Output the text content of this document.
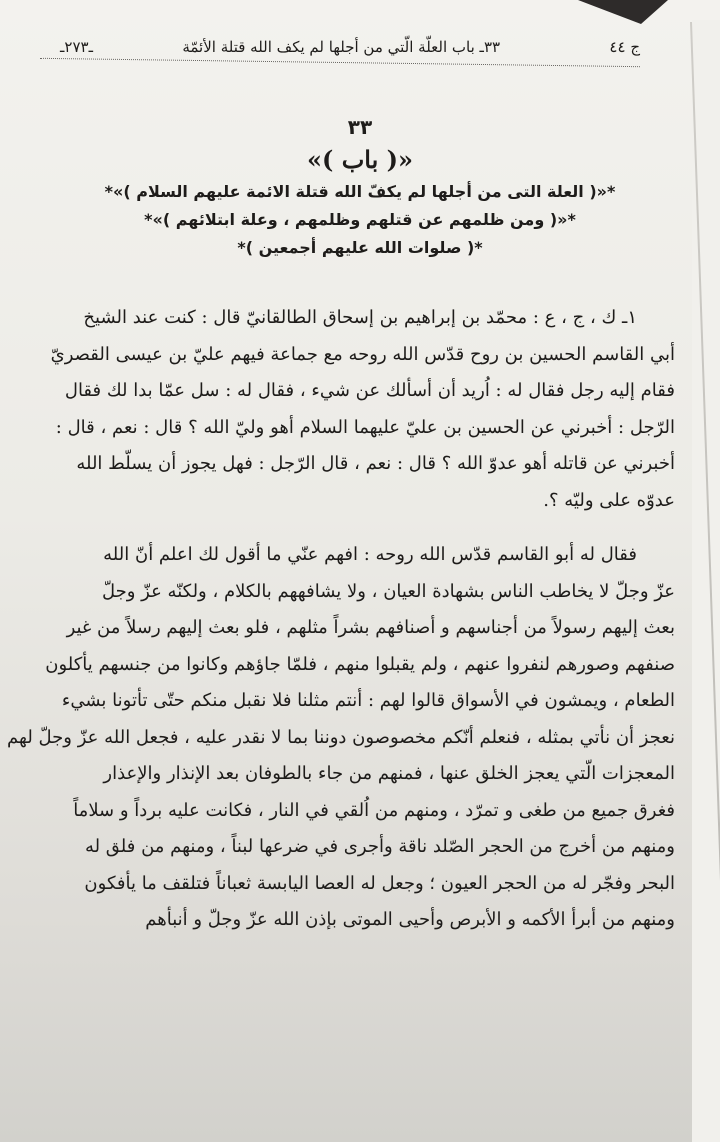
ج ٤٤
٣٣ـ باب العلّة الّتي من أجلها لم يكف الله قتلة الأئمّة
ـ٢٧٣ـ
٣٣
«( باب )»
*«( العلة التى من أجلها لم يكفّ الله قتلة الائمة عليهم السلام )»*
*«( ومن ظلمهم عن قتلهم وظلمهم ، وعلة ابتلائهم )»*
*( صلوات الله عليهم أجمعين )*

١ـ ك ، ج ، ع : محمّد بن إبراهيم بن إسحاق الطالقانيّ قال : كنت عند الشيخ
أبي القاسم الحسين بن روح قدّس الله روحه مع جماعة فيهم عليّ بن عيسى القصريّ
فقام إليه رجل فقال له : اُريد أن أسألك عن شيء ، فقال له : سل عمّا بدا لك فقال
الرّجل : أخبرني عن الحسين بن عليّ عليهما السلام أهو وليّ الله ؟ قال : نعم ، قال :
أخبرني عن قاتله أهو عدوّ الله ؟ قال : نعم ، قال الرّجل : فهل يجوز أن يسلّط الله
عدوّه على وليّه ؟.

فقال له أبو القاسم قدّس الله روحه : افهم عنّي ما أقول لك اعلم أنّ الله
عزّ وجلّ لا يخاطب الناس بشهادة العيان ، ولا يشافههم بالكلام ، ولكنّه عزّ وجلّ
بعث إليهم رسولاً من أجناسهم و أصنافهم بشراً مثلهم ، فلو بعث إليهم رسلاً من غير
صنفهم وصورهم لنفروا عنهم ، ولم يقبلوا منهم ، فلمّا جاؤهم وكانوا من جنسهم يأكلون
الطعام ، ويمشون في الأسواق قالوا لهم : أنتم مثلنا فلا نقبل منكم حتّى تأتونا بشيء
نعجز أن نأتي بمثله ، فنعلم أنّكم مخصوصون دوننا بما لا نقدر عليه ، فجعل الله عزّ وجلّ لهم
المعجزات الّتي يعجز الخلق عنها ، فمنهم من جاء بالطوفان بعد الإنذار والإعذار
فغرق جميع من طغى و تمرّد ، ومنهم من اُلقي في النار ، فكانت عليه برداً و سلاماً
ومنهم من أخرج من الحجر الصّلد ناقة وأجرى في ضرعها لبناً ، ومنهم من فلق له
البحر وفجّر له من الحجر العيون ؛ وجعل له العصا اليابسة ثعباناً فتلقف ما يأفكون
ومنهم من أبرأ الأكمه و الأبرص وأحيى الموتى بإذن الله عزّ وجلّ و أنبأهم
